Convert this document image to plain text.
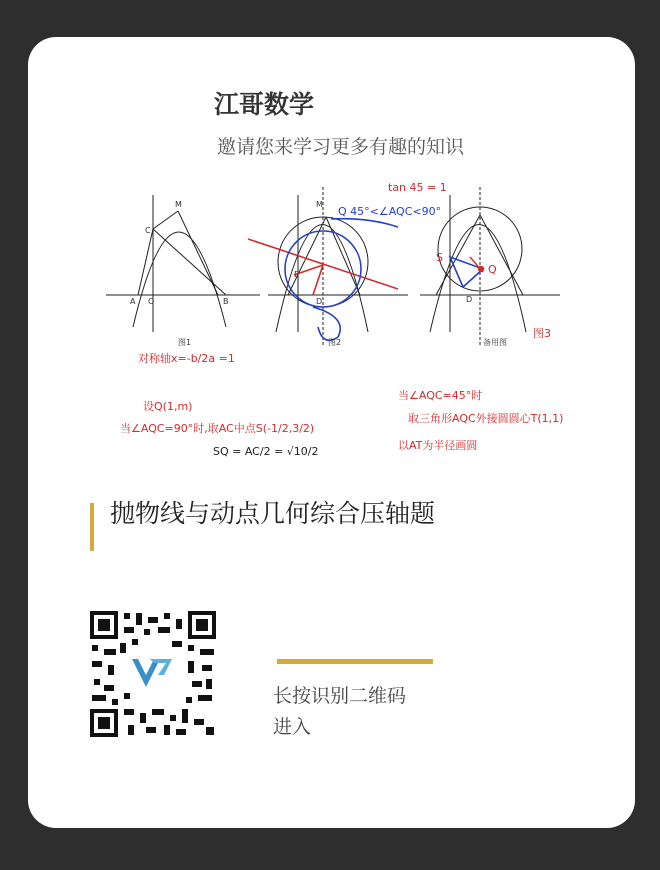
江哥数学
邀请您来学习更多有趣的知识
M
C
A O	B
图1
M
D
E
图2
D
备用图
tan 45 = 1
对称轴x=-b/2a =1
设Q(1,m)
当∠AQC=90°时,取AC中点S(-1/2,3/2)
当∠AQC=45°时
取三角形AQC外接圆圆心T(1,1)
以AT为半径画圆
图3
Q 45°<∠AQC<90°
SQ = AC/2 = √10/2
S
Q
抛物线与动点几何综合压轴题
长按识别二维码
进入
